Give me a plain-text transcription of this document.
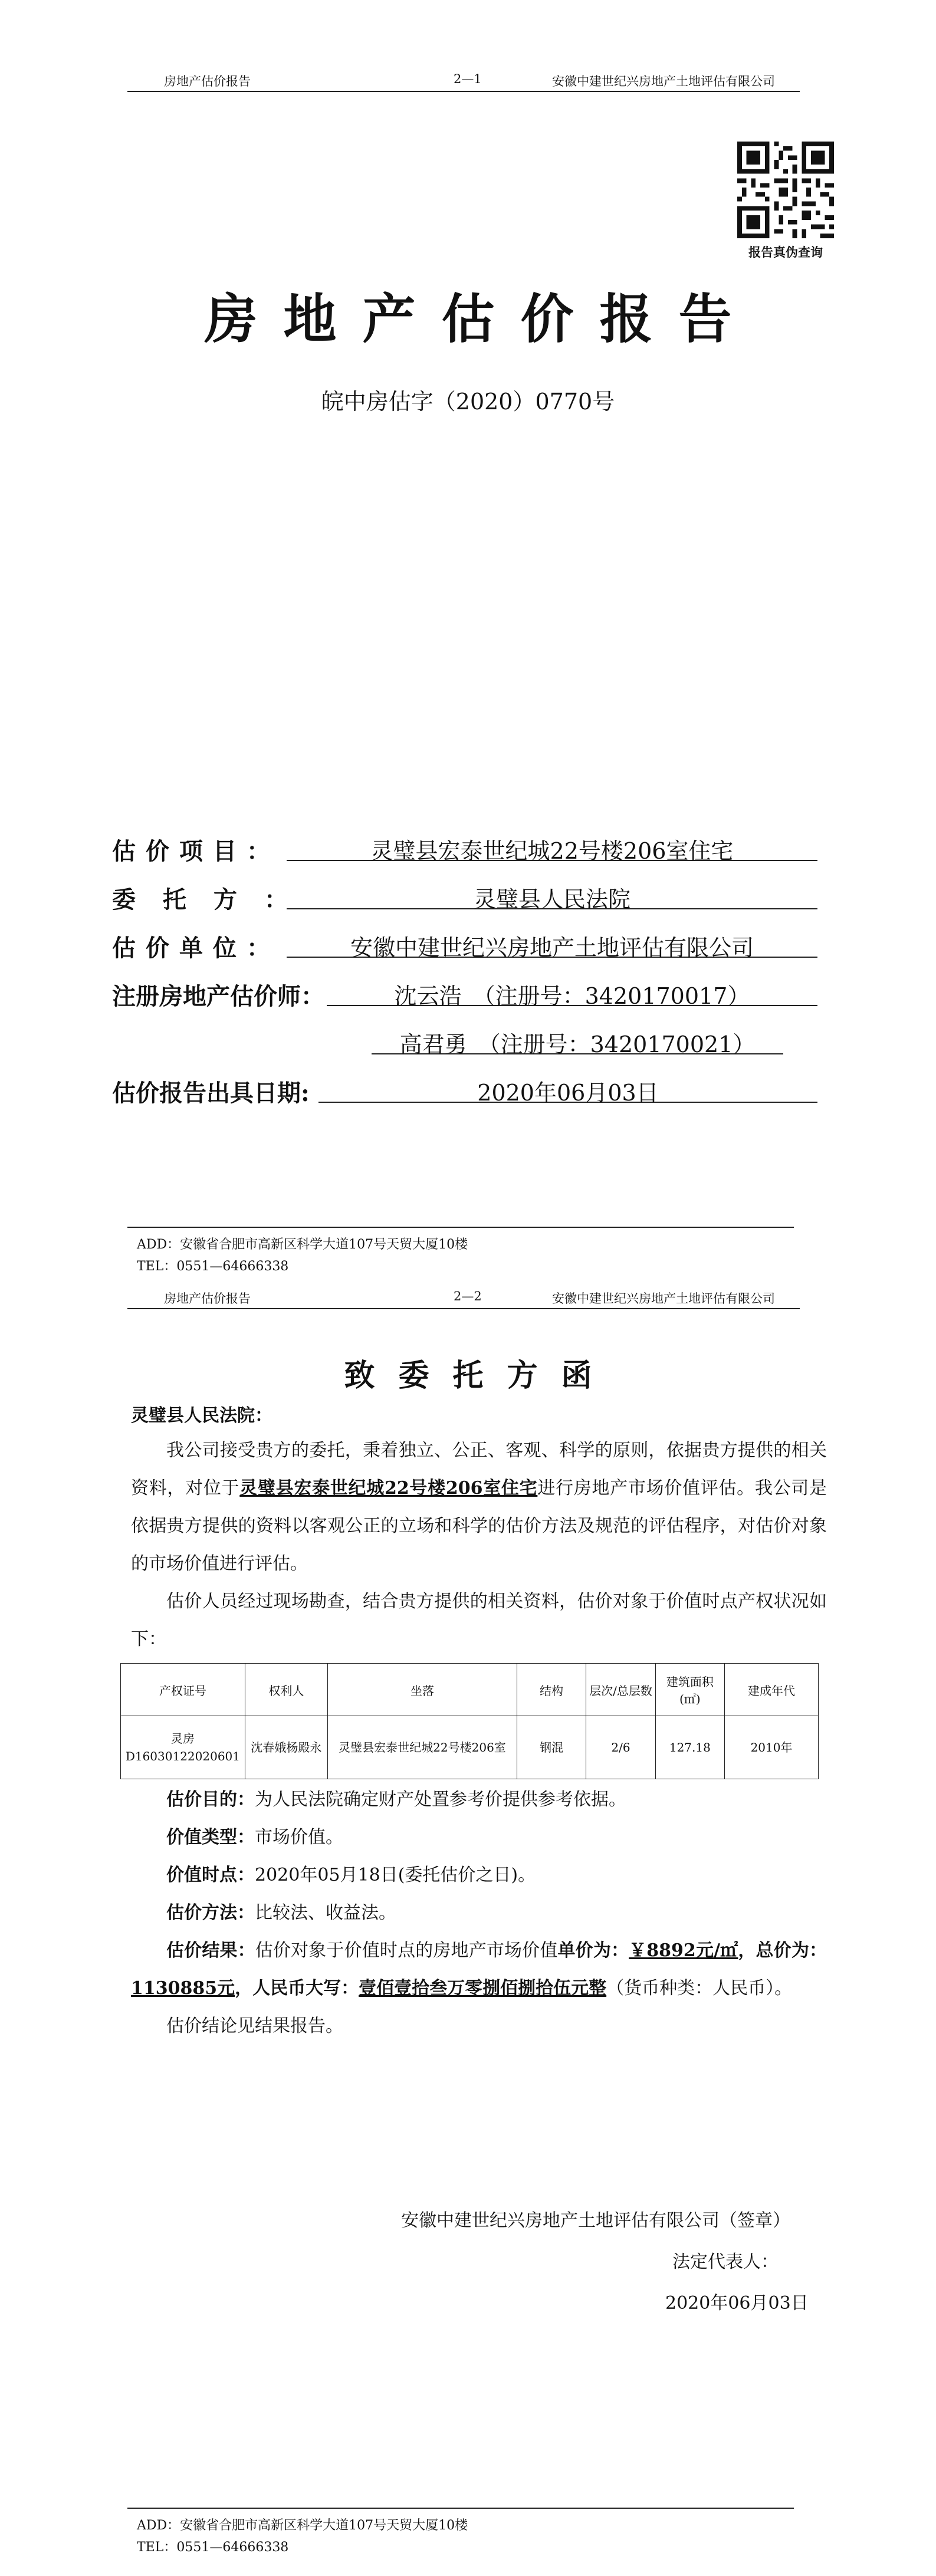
房地产估价报告	2—1	安徽中建世纪兴房地产土地评估有限公司
报告真伪查询
房地产估价报告
皖中房估字（2020）0770号
估价项目：	灵璧县宏泰世纪城22号楼206室住宅
委托方：	灵璧县人民法院
估价单位：	安徽中建世纪兴房地产土地评估有限公司
注册房地产估价师：	沈云浩　（注册号：3420170017）
高君勇　（注册号：3420170021）
估价报告出具日期:	2020年06月03日
ADD：安徽省合肥市高新区科学大道107号天贸大厦10楼
TEL：0551—64666338
房地产估价报告	2—2	安徽中建世纪兴房地产土地评估有限公司
致委托方函
灵璧县人民法院：
我公司接受贵方的委托，秉着独立、公正、客观、科学的原则，依据贵方提供的相关资料，对位于灵璧县宏泰世纪城22号楼206室住宅进行房地产市场价值评估。我公司是依据贵方提供的资料以客观公正的立场和科学的估价方法及规范的评估程序，对估价对象的市场价值进行评估。
估价人员经过现场勘查，结合贵方提供的相关资料，估价对象于价值时点产权状况如下：
产权证号	权利人	坐落	结构	层次/总层数	建筑面积(㎡)	建成年代
灵房D16030122020601	沈春娥杨殿永	灵璧县宏泰世纪城22号楼206室	钢混	2/6	127.18	2010年
估价目的：为人民法院确定财产处置参考价提供参考依据。
价值类型：市场价值。
价值时点：2020年05月18日(委托估价之日)。
估价方法：比较法、收益法。
估价结果：估价对象于价值时点的房地产市场价值单价为：￥8892元/㎡，总价为：1130885元，人民币大写：壹佰壹拾叁万零捌佰捌拾伍元整（货币种类：人民币）。
估价结论见结果报告。
安徽中建世纪兴房地产土地评估有限公司（签章）
法定代表人：
2020年06月03日
ADD：安徽省合肥市高新区科学大道107号天贸大厦10楼
TEL：0551—64666338
